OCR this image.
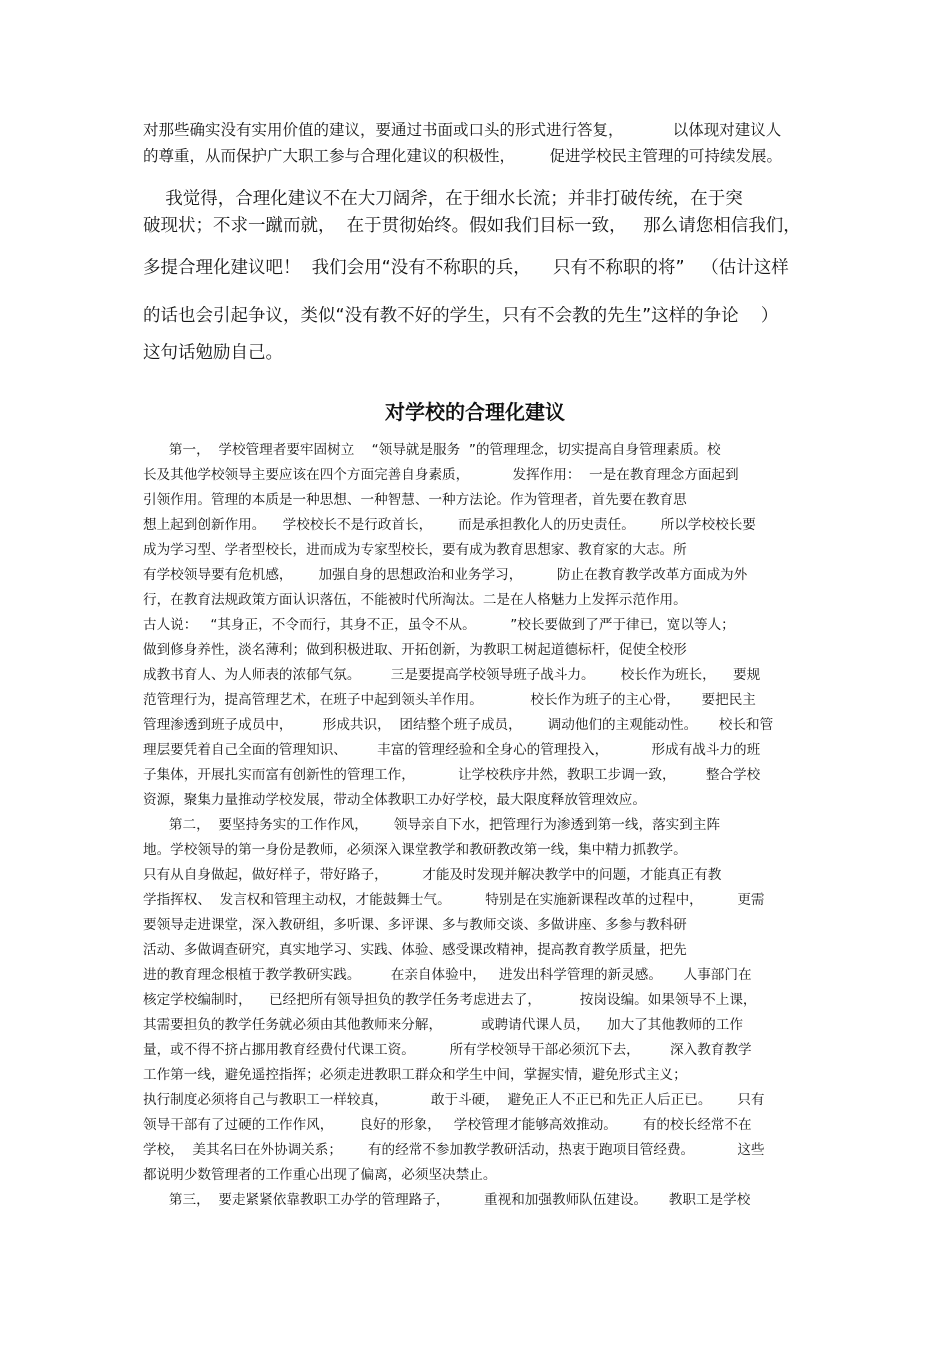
对那些确实没有实用价值的建议，要通过书面或口头的形式进行答复，          以体现对建议人

的尊重，从而保护广大职工参与合理化建议的积极性，       促进学校民主管理的可持续发展。

我觉得，合理化建议不在大刀阔斧，在于细水长流；并非打破传统，在于突

破现状；不求一蹴而就，  在于贯彻始终。假如我们目标一致，   那么请您相信我们，

多提合理化建议吧！  我们会用“没有不称职的兵，    只有不称职的将”   （估计这样

的话也会引起争议，类似“没有教不好的学生，只有不会教的先生”这样的争论    ）

这句话勉励自己。

对学校的合理化建议

第一，  学校管理者要牢固树立    “领导就是服务  ”的管理理念，切实提高自身管理素质。校

长及其他学校领导主要应该在四个方面完善自身素质，          发挥作用：  一是在教育理念方面起到

引领作用。管理的本质是一种思想、一种智慧、一种方法论。作为管理者，首先要在教育思

想上起到创新作用。    学校校长不是行政首长，      而是承担教化人的历史责任。      所以学校校长要

成为学习型、学者型校长，进而成为专家型校长，要有成为教育思想家、教育家的大志。所

有学校领导要有危机感，      加强自身的思想政治和业务学习，        防止在教育教学改革方面成为外

行，在教育法规政策方面认识落伍，不能被时代所淘汰。二是在人格魅力上发挥示范作用。

古人说：   “其身正，不令而行，其身不正，虽令不从。        ”校长要做到了严于律已，宽以等人；

做到修身养性，淡名薄利；做到积极进取、开拓创新，为教职工树起道德标杆，促使全校形

成教书育人、为人师表的浓郁气氛。       三是要提高学校领导班子战斗力。      校长作为班长，    要规

范管理行为，提高管理艺术，在班子中起到领头羊作用。           校长作为班子的主心骨，     要把民主

管理渗透到班子成员中，       形成共识，  团结整个班子成员，      调动他们的主观能动性。     校长和管

理层要凭着自己全面的管理知识、       丰富的管理经验和全身心的管理投入，          形成有战斗力的班

子集体，开展扎实而富有创新性的管理工作，          让学校秩序井然，教职工步调一致，       整合学校

资源，聚集力量推动学校发展，带动全体教职工办好学校，最大限度释放管理效应。

第二，  要坚持务实的工作作风，      领导亲自下水，把管理行为渗透到第一线，落实到主阵

地。学校领导的第一身份是教师，必须深入课堂教学和教研教改第一线，集中精力抓教学。

只有从自身做起，做好样子，带好路子，        才能及时发现并解决教学中的问题，才能真正有教

学指挥权、  发言权和管理主动权，才能鼓舞士气。        特别是在实施新课程改革的过程中，        更需

要领导走进课堂，深入教研组，多听课、多评课、多与教师交谈、多做讲座、多参与教科研

活动、多做调查研究，真实地学习、实践、体验、感受课改精神，提高教育教学质量，把先

进的教育理念根植于教学教研实践。       在亲自体验中，   进发出科学管理的新灵感。     人事部门在

核定学校编制时，    已经把所有领导担负的教学任务考虑进去了，         按岗设编。如果领导不上课，

其需要担负的教学任务就必须由其他教师来分解，         或聘请代课人员，    加大了其他教师的工作

量，或不得不挤占挪用教育经费付代课工资。        所有学校领导干部必须沉下去，       深入教育教学

工作第一线，避免遥控指挥；必须走进教职工群众和学生中间，掌握实情，避免形式主义；

执行制度必须将自己与教职工一样较真，          敢于斗硬，  避免正人不正已和先正人后正已。      只有

领导干部有了过硬的工作作风，      良好的形象，   学校管理才能够高效推动。      有的校长经常不在

学校，  美其名曰在外协调关系；      有的经常不参加教学教研活动，热衷于跑项目管经费。          这些

都说明少数管理者的工作重心出现了偏离，必须坚决禁止。

第三，  要走紧紧依靠教职工办学的管理路子，        重视和加强教师队伍建设。     教职工是学校
